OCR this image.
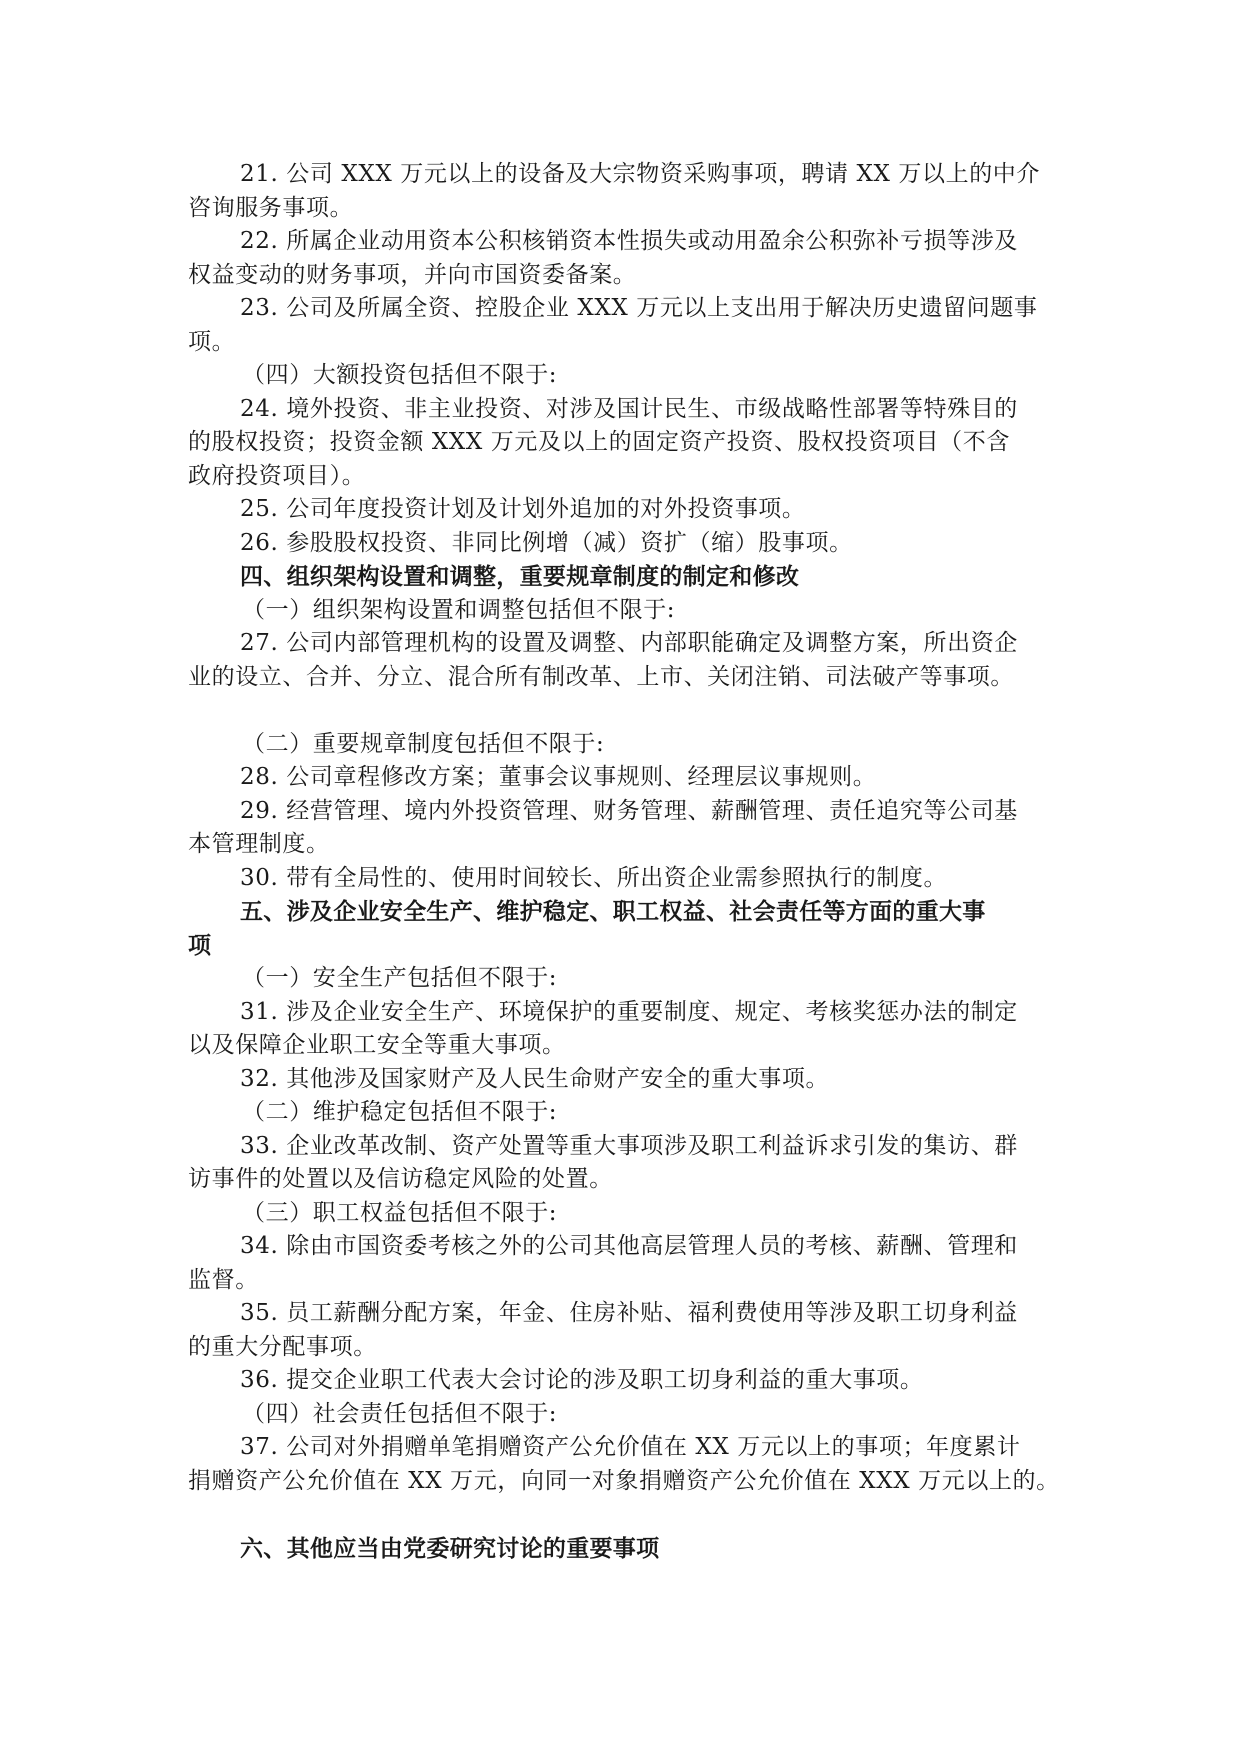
21. 公司 XXX 万元以上的设备及大宗物资采购事项，聘请 XX 万以上的中介
咨询服务事项。
22. 所属企业动用资本公积核销资本性损失或动用盈余公积弥补亏损等涉及
权益变动的财务事项，并向市国资委备案。
23. 公司及所属全资、控股企业 XXX 万元以上支出用于解决历史遗留问题事
项。
（四）大额投资包括但不限于:
24. 境外投资、非主业投资、对涉及国计民生、市级战略性部署等特殊目的
的股权投资；投资金额 XXX 万元及以上的固定资产投资、股权投资项目（不含
政府投资项目）。
25. 公司年度投资计划及计划外追加的对外投资事项。
26. 参股股权投资、非同比例增（减）资扩（缩）股事项。
四、组织架构设置和调整，重要规章制度的制定和修改
（一）组织架构设置和调整包括但不限于:
27. 公司内部管理机构的设置及调整、内部职能确定及调整方案，所出资企
业的设立、合并、分立、混合所有制改革、上市、关闭注销、司法破产等事项。
（二）重要规章制度包括但不限于:
28. 公司章程修改方案；董事会议事规则、经理层议事规则。
29. 经营管理、境内外投资管理、财务管理、薪酬管理、责任追究等公司基
本管理制度。
30. 带有全局性的、使用时间较长、所出资企业需参照执行的制度。
五、涉及企业安全生产、维护稳定、职工权益、社会责任等方面的重大事
项
（一）安全生产包括但不限于:
31. 涉及企业安全生产、环境保护的重要制度、规定、考核奖惩办法的制定
以及保障企业职工安全等重大事项。
32. 其他涉及国家财产及人民生命财产安全的重大事项。
（二）维护稳定包括但不限于:
33. 企业改革改制、资产处置等重大事项涉及职工利益诉求引发的集访、群
访事件的处置以及信访稳定风险的处置。
（三）职工权益包括但不限于:
34. 除由市国资委考核之外的公司其他高层管理人员的考核、薪酬、管理和
监督。
35. 员工薪酬分配方案，年金、住房补贴、福利费使用等涉及职工切身利益
的重大分配事项。
36. 提交企业职工代表大会讨论的涉及职工切身利益的重大事项。
（四）社会责任包括但不限于:
37. 公司对外捐赠单笔捐赠资产公允价值在 XX 万元以上的事项；年度累计
捐赠资产公允价值在 XX 万元，向同一对象捐赠资产公允价值在 XXX 万元以上的。
六、其他应当由党委研究讨论的重要事项
